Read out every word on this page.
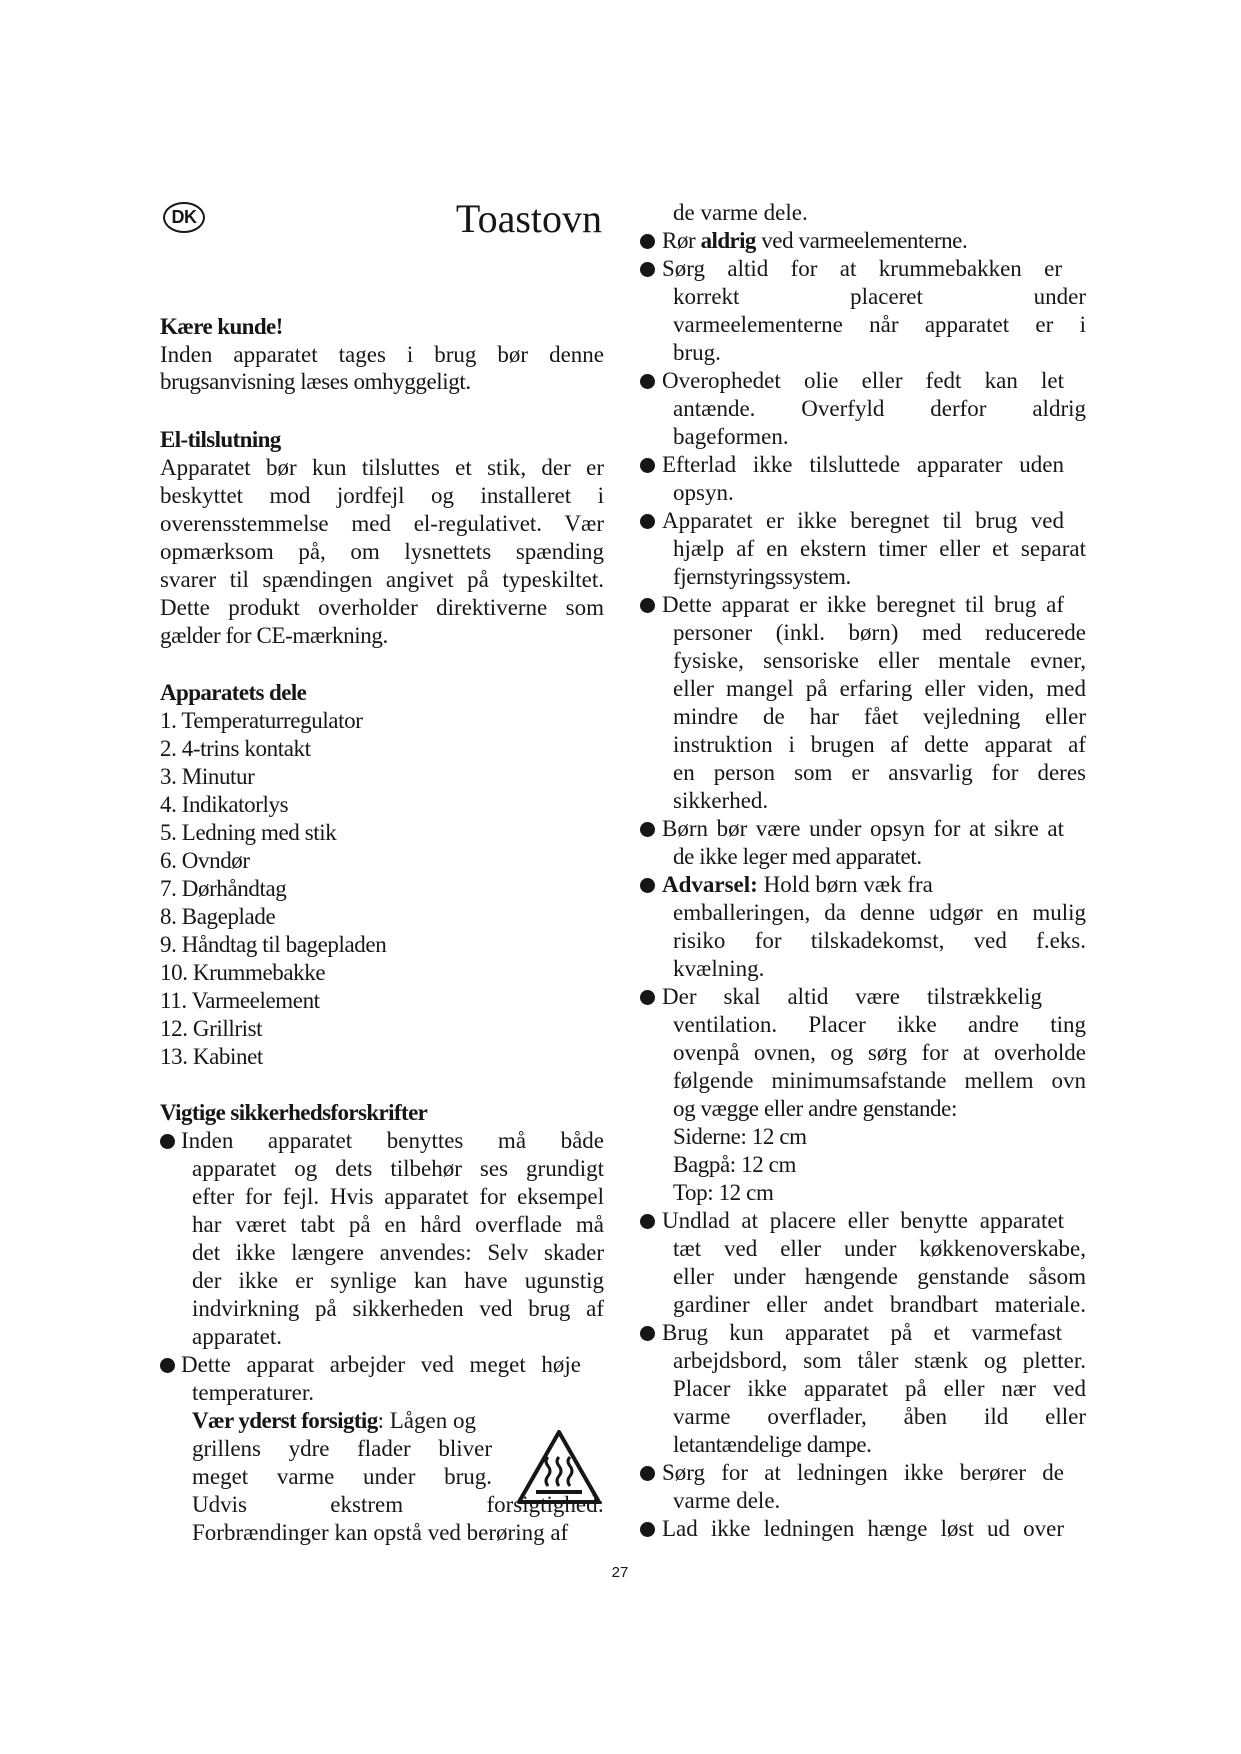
DK	Toastovn
Kære kunde!
Inden apparatet tages i brug bør denne
brugsanvisning læses omhyggeligt.
El-tilslutning
Apparatet bør kun tilsluttes et stik, der er
beskyttet mod jordfejl og installeret i
overensstemmelse med el-regulativet. Vær
opmærksom på, om lysnettets spænding
svarer til spændingen angivet på typeskiltet.
Dette produkt overholder direktiverne som
gælder for CE-mærkning.
Apparatets dele
1. Temperaturregulator
2. 4-trins kontakt
3. Minutur
4. Indikatorlys
5. Ledning med stik
6. Ovndør
7. Dørhåndtag
8. Bageplade
9. Håndtag til bagepladen
10. Krummebakke
11. Varmeelement
12. Grillrist
13. Kabinet
Vigtige sikkerhedsforskrifter
Inden apparatet benyttes må både
apparatet og dets tilbehør ses grundigt
efter for fejl. Hvis apparatet for eksempel
har været tabt på en hård overflade må
det ikke længere anvendes: Selv skader
der ikke er synlige kan have ugunstig
indvirkning på sikkerheden ved brug af
apparatet.
Dette apparat arbejder ved meget høje
temperaturer.
Vær yderst forsigtig: Lågen og
grillens ydre flader bliver
meget varme under brug.
Udvis ekstrem forsigtighed:
Forbrændinger kan opstå ved berøring af
de varme dele.
Rør aldrig ved varmeelementerne.
Sørg altid for at krummebakken er
korrekt placeret under
varmeelementerne når apparatet er i
brug.
Overophedet olie eller fedt kan let
antænde. Overfyld derfor aldrig
bageformen.
Efterlad ikke tilsluttede apparater uden
opsyn.
Apparatet er ikke beregnet til brug ved
hjælp af en ekstern timer eller et separat
fjernstyringssystem.
Dette apparat er ikke beregnet til brug af
personer (inkl. børn) med reducerede
fysiske, sensoriske eller mentale evner,
eller mangel på erfaring eller viden, med
mindre de har fået vejledning eller
instruktion i brugen af dette apparat af
en person som er ansvarlig for deres
sikkerhed.
Børn bør være under opsyn for at sikre at
de ikke leger med apparatet.
Advarsel: Hold børn væk fra
emballeringen, da denne udgør en mulig
risiko for tilskadekomst, ved f.eks.
kvælning.
Der skal altid være tilstrækkelig
ventilation. Placer ikke andre ting
ovenpå ovnen, og sørg for at overholde
følgende minimumsafstande mellem ovn
og vægge eller andre genstande:
Siderne: 12 cm
Bagpå: 12 cm
Top: 12 cm
Undlad at placere eller benytte apparatet
tæt ved eller under køkkenoverskabe,
eller under hængende genstande såsom
gardiner eller andet brandbart materiale.
Brug kun apparatet på et varmefast
arbejdsbord, som tåler stænk og pletter.
Placer ikke apparatet på eller nær ved
varme overflader, åben ild eller
letantændelige dampe.
Sørg for at ledningen ikke berører de
varme dele.
Lad ikke ledningen hænge løst ud over
27
